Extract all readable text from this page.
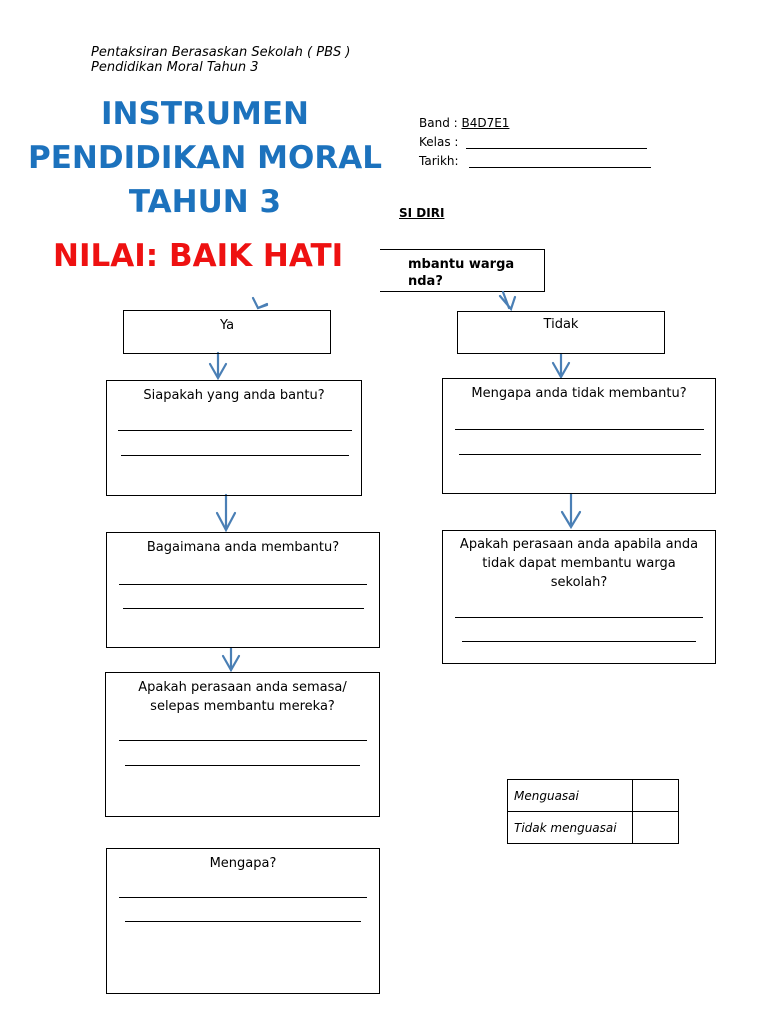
Pentaksiran Berasaskan Sekolah ( PBS )
Pendidikan Moral Tahun 3
INSTRUMEN
PENDIDIKAN MORAL
TAHUN 3
NILAI: BAIK HATI
Band : B4D7E1
Kelas :
Tarikh:
SI DIRI
mbantu warga
nda?
Ya	Tidak
Siapakah yang anda bantu?
Bagaimana anda membantu?
Apakah perasaan anda semasa/ selepas membantu mereka?
Mengapa?
Mengapa anda tidak membantu?
Apakah perasaan anda apabila anda tidak dapat membantu warga sekolah?
Menguasai	
Tidak menguasai	
